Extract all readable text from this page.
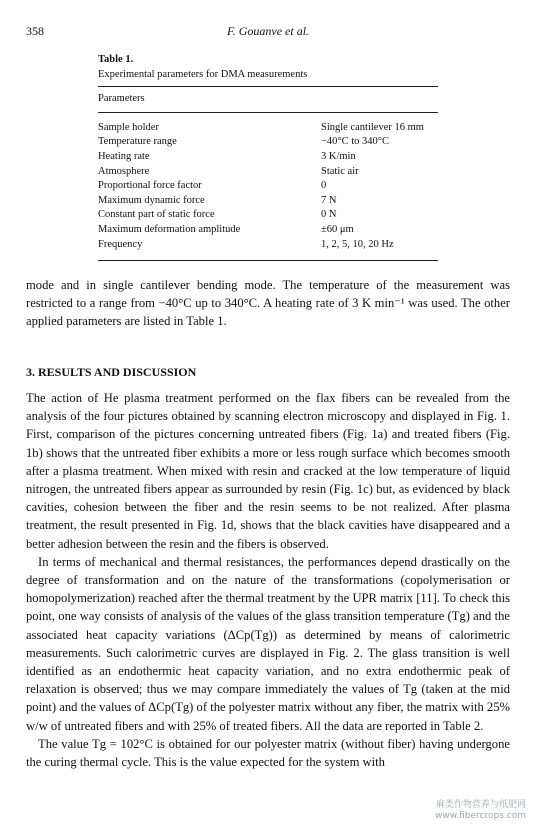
358	F. Gouanve et al.
Table 1.
Experimental parameters for DMA measurements
Parameters
Sample holder	Single cantilever 16 mm
Temperature range	−40°C to 340°C
Heating rate	3 K/min
Atmosphere	Static air
Proportional force factor	0
Maximum dynamic force	7 N
Constant part of static force	0 N
Maximum deformation amplitude	±60 μm
Frequency	1, 2, 5, 10, 20 Hz

mode and in single cantilever bending mode. The temperature of the measurement was restricted to a range from −40°C up to 340°C. A heating rate of 3 K min⁻¹ was used. The other applied parameters are listed in Table 1.

3. RESULTS AND DISCUSSION

The action of He plasma treatment performed on the flax fibers can be revealed from the analysis of the four pictures obtained by scanning electron microscopy and displayed in Fig. 1. First, comparison of the pictures concerning untreated fibers (Fig. 1a) and treated fibers (Fig. 1b) shows that the untreated fiber exhibits a more or less rough surface which becomes smooth after a plasma treatment. When mixed with resin and cracked at the low temperature of liquid nitrogen, the untreated fibers appear as surrounded by resin (Fig. 1c) but, as evidenced by black cavities, cohesion between the fiber and the resin seems to be not realized. After plasma treatment, the result presented in Fig. 1d, shows that the black cavities have disappeared and a better adhesion between the resin and the fibers is observed.

In terms of mechanical and thermal resistances, the performances depend drastically on the degree of transformation and on the nature of the transformations (copolymerisation or homopolymerization) reached after the thermal treatment by the UPR matrix [11]. To check this point, one way consists of analysis of the values of the glass transition temperature (Tg) and the associated heat capacity variations (ΔCp(Tg)) as determined by means of calorimetric measurements. Such calorimetric curves are displayed in Fig. 2. The glass transition is well identified as an endothermic heat capacity variation, and no extra endothermic peak of relaxation is observed; thus we may compare immediately the values of Tg (taken at the mid point) and the values of ΔCp(Tg) of the polyester matrix without any fiber, the matrix with 25% w/w of untreated fibers and with 25% of treated fibers. All the data are reported in Table 2.

The value Tg = 102°C is obtained for our polyester matrix (without fiber) having undergone the curing thermal cycle. This is the value expected for the system with

麻类作物营养与纸肥网
www.fibercrops.com
